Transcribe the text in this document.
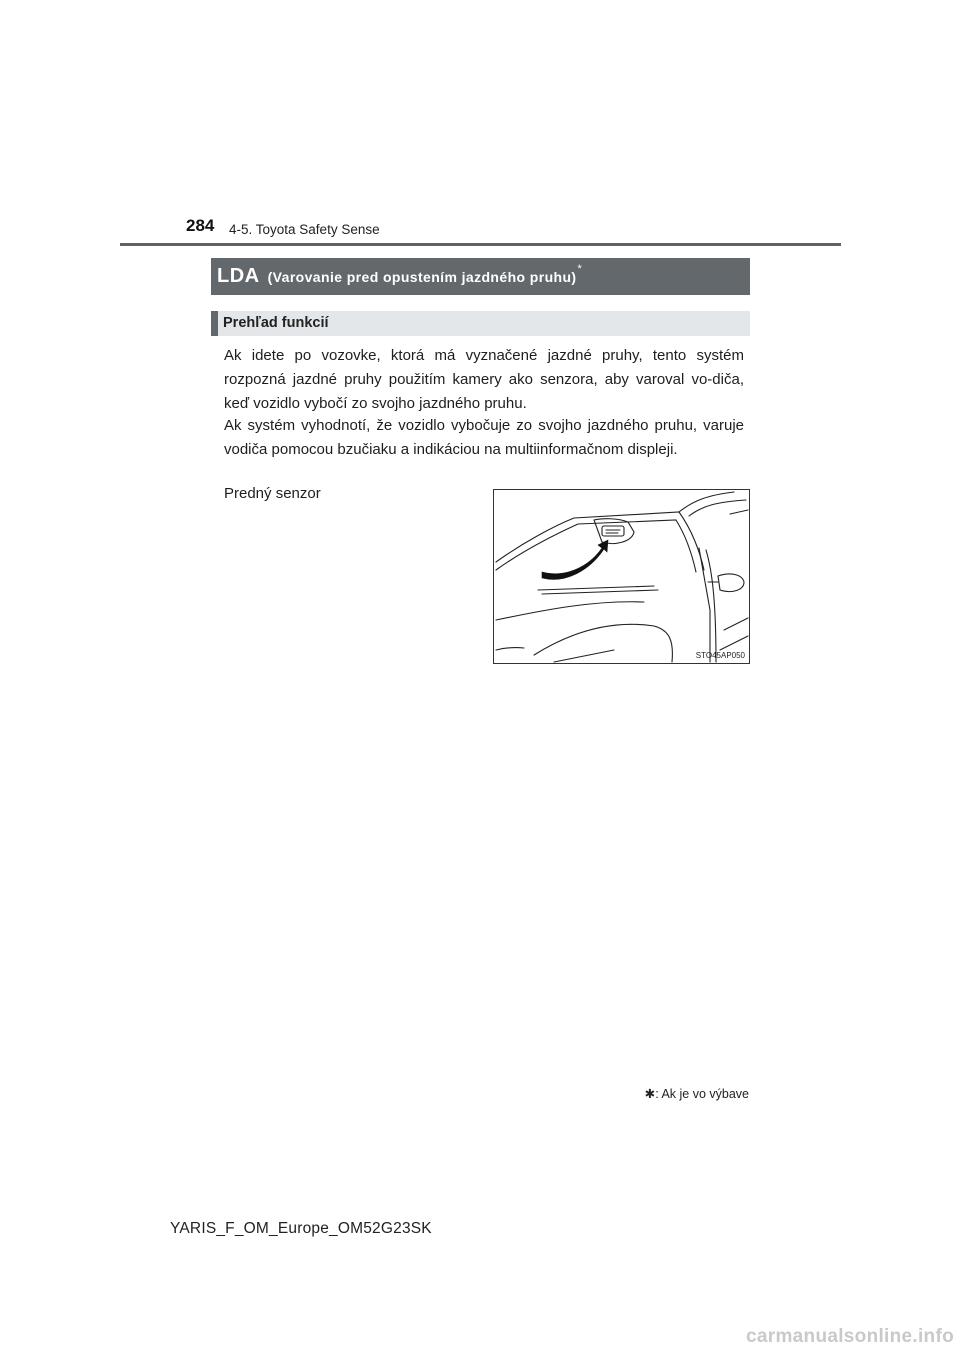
284 4-5. Toyota Safety Sense
LDA (Varovanie pred opustením jazdného pruhu) *
Prehľad funkcií

Ak idete po vozovke, ktorá má vyznačené jazdné pruhy, tento systém rozpozná jazdné pruhy použitím kamery ako senzora, aby varoval vo-diča, keď vozidlo vybočí zo svojho jazdného pruhu.

Ak systém vyhodnotí, že vozidlo vybočuje zo svojho jazdného pruhu, varuje vodiča pomocou bzučiaku a indikáciou na multiinformačnom displeji.

Predný senzor
STO45AP050
✱: Ak je vo výbave
YARIS_F_OM_Europe_OM52G23SK
carmanualsonline.info
